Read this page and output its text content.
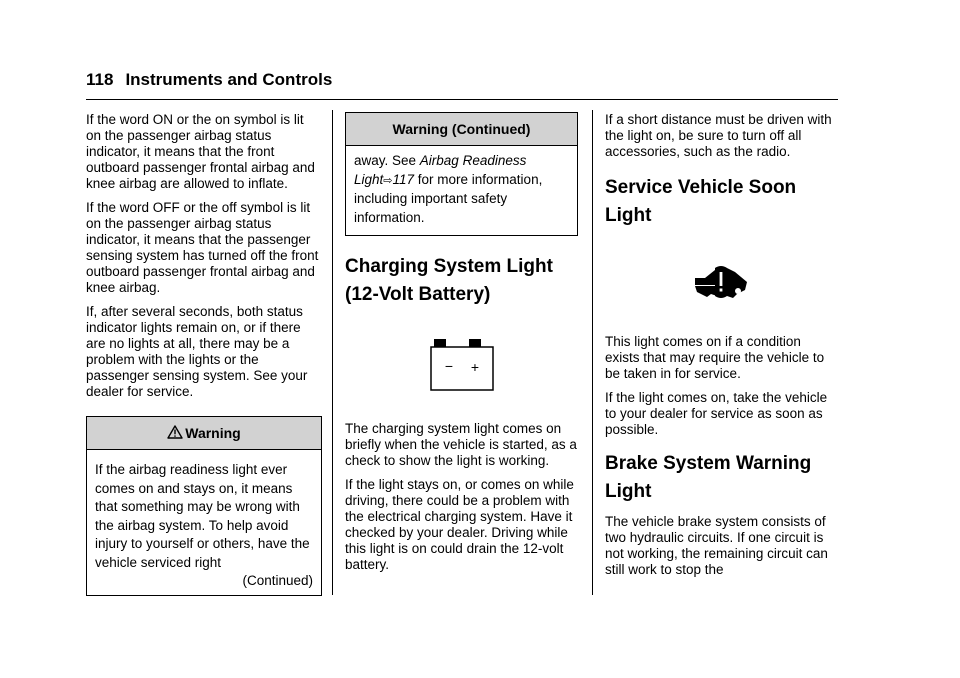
118 Instruments and Controls

If the word ON or the on symbol is lit on the passenger airbag status indicator, it means that the front outboard passenger frontal airbag and knee airbag are allowed to inflate.

If the word OFF or the off symbol is lit on the passenger airbag status indicator, it means that the passenger sensing system has turned off the front outboard passenger frontal airbag and knee airbag.

If, after several seconds, both status indicator lights remain on, or if there are no lights at all, there may be a problem with the lights or the passenger sensing system. See your dealer for service.

Warning
If the airbag readiness light ever comes on and stays on, it means that something may be wrong with the airbag system. To help avoid injury to yourself or others, have the vehicle serviced right
(Continued)
Warning (Continued)
away. See Airbag Readiness Light⇨117 for more information, including important safety information.
Charging System Light (12-Volt Battery)
− +

The charging system light comes on briefly when the vehicle is started, as a check to show the light is working.

If the light stays on, or comes on while driving, there could be a problem with the electrical charging system. Have it checked by your dealer. Driving while this light is on could drain the 12-volt battery.

If a short distance must be driven with the light on, be sure to turn off all accessories, such as the radio.

Service Vehicle Soon Light

This light comes on if a condition exists that may require the vehicle to be taken in for service.

If the light comes on, take the vehicle to your dealer for service as soon as possible.

Brake System Warning Light

The vehicle brake system consists of two hydraulic circuits. If one circuit is not working, the remaining circuit can still work to stop the
